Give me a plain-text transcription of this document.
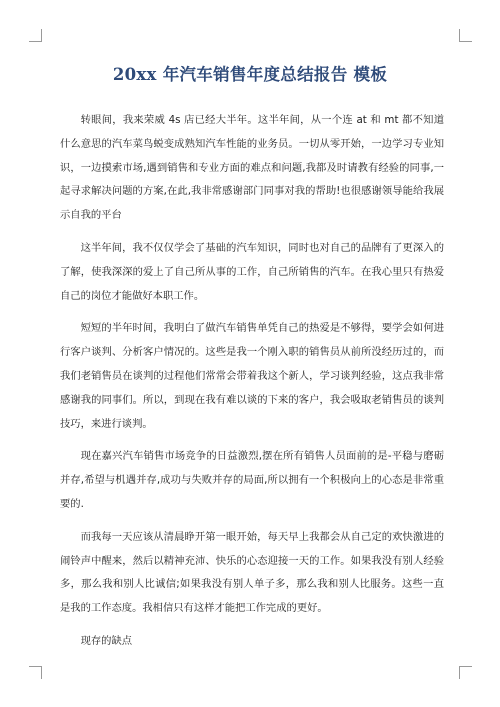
20xx 年汽车销售年度总结报告 模板

转眼间，我来荣威 4s 店已经大半年。这半年间，从一个连 at 和 mt 都不知道什么意思的汽车菜鸟蜕变成熟知汽车性能的业务员。一切从零开始，一边学习专业知识，一边摸索市场,遇到销售和专业方面的难点和问题,我都及时请教有经验的同事,一起寻求解决问题的方案,在此,我非常感谢部门同事对我的帮助!也很感谢领导能给我展示自我的平台

这半年间，我不仅仅学会了基础的汽车知识，同时也对自己的品牌有了更深入的了解，使我深深的爱上了自己所从事的工作，自己所销售的汽车。在我心里只有热爱自己的岗位才能做好本职工作。

短短的半年时间，我明白了做汽车销售单凭自己的热爱是不够得，要学会如何进行客户谈判、分析客户情况的。这些是我一个刚入职的销售员从前所没经历过的，而我们老销售员在谈判的过程他们常常会带着我这个新人，学习谈判经验，这点我非常感谢我的同事们。所以，到现在我有难以谈的下来的客户，我会吸取老销售员的谈判技巧，来进行谈判。

现在嘉兴汽车销售市场竞争的日益激烈,摆在所有销售人员面前的是-平稳与磨砺并存,希望与机遇并存,成功与失败并存的局面,所以拥有一个积极向上的心态是非常重要的.

而我每一天应该从清晨睁开第一眼开始，每天早上我都会从自己定的欢快激进的闹铃声中醒来，然后以精神充沛、快乐的心态迎接一天的工作。如果我没有别人经验多，那么我和别人比诚信;如果我没有别人单子多，那么我和别人比服务。这些一直是我的工作态度。我相信只有这样才能把工作完成的更好。

现存的缺点
